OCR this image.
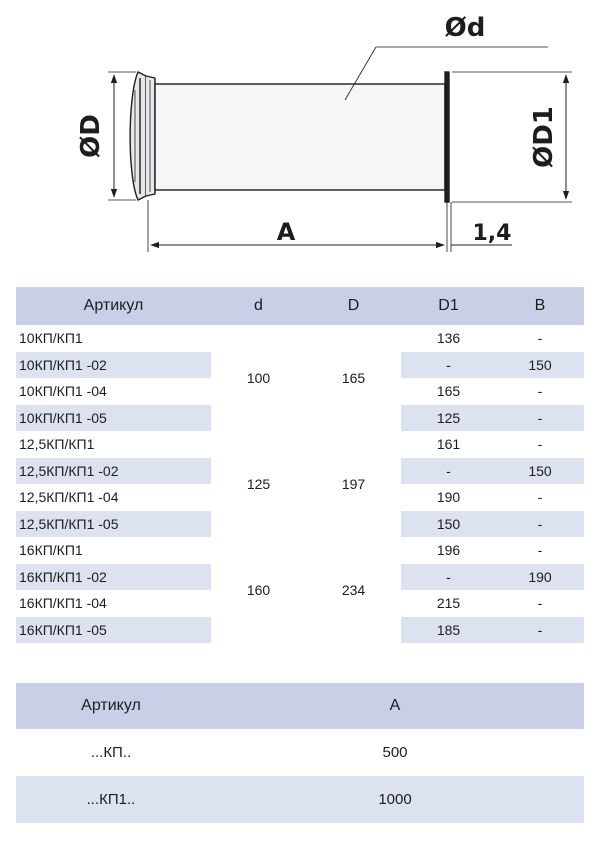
Ød
ØD	ØD1
A	1,4
Артикул	d	D	D1	B
10КП/КП1	100	165	136	-
10КП/КП1 -02			-	150
10КП/КП1 -04			165	-
10КП/КП1 -05			125	-
12,5КП/КП1	125	197	161	-
12,5КП/КП1 -02			-	150
12,5КП/КП1 -04			190	-
12,5КП/КП1 -05			150	-
16КП/КП1	160	234	196	-
16КП/КП1 -02			-	190
16КП/КП1 -04			215	-
16КП/КП1 -05			185	-
Артикул	A
...КП..	500
...КП1..	1000
